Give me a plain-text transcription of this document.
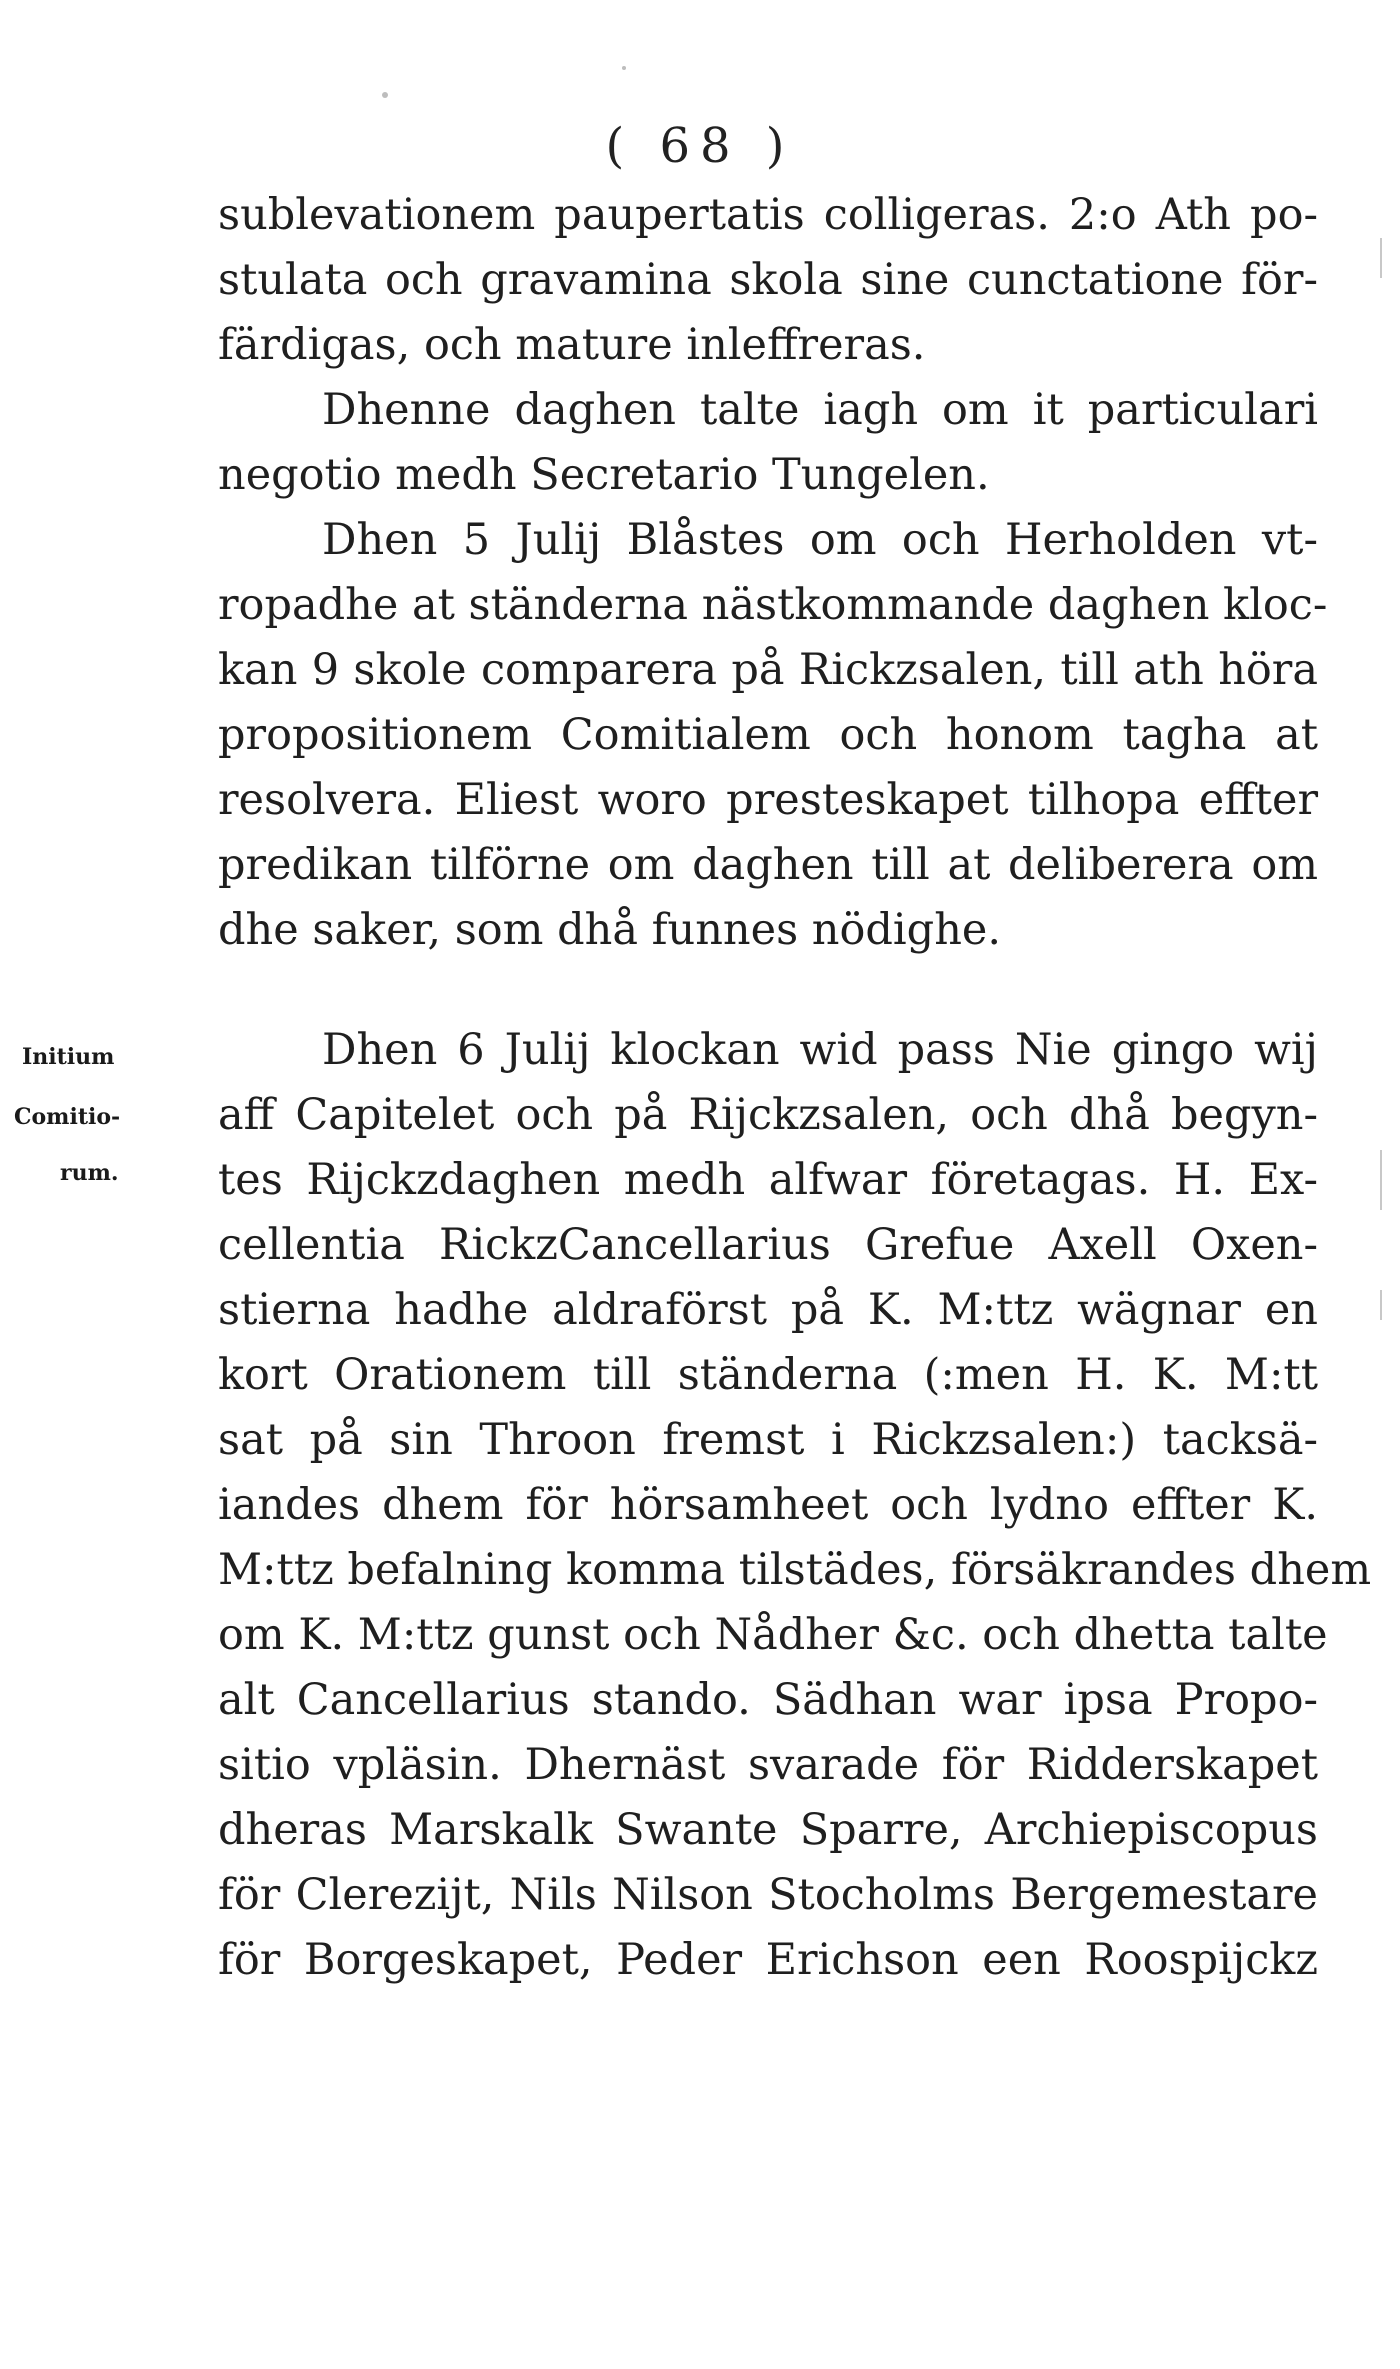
( 68 )
sublevationem paupertatis colligeras. 2:o Ath po-
stulata och gravamina skola sine cunctatione för-
färdigas, och mature inleffreras.
Dhenne daghen talte iagh om it particulari
negotio medh Secretario Tungelen.
Dhen 5 Julij Blåstes om och Herholden vt-
ropadhe at ständerna nästkommande daghen kloc-
kan 9 skole comparera på Rickzsalen, till ath höra
propositionem Comitialem och honom tagha at
resolvera. Eliest woro presteskapet tilhopa effter
predikan tilförne om daghen till at deliberera om
dhe saker, som dhå funnes nödighe.
Dhen 6 Julij klockan wid pass Nie gingo wij
aff Capitelet och på Rijckzsalen, och dhå begyn-
tes Rijckzdaghen medh alfwar företagas. H. Ex-
cellentia RickzCancellarius Grefue Axell Oxen-
stierna hadhe aldraförst på K. M:ttz wägnar en
kort Orationem till ständerna (:men H. K. M:tt
sat på sin Throon fremst i Rickzsalen:) tacksä-
iandes dhem för hörsamheet och lydno effter K.
M:ttz befalning komma tilstädes, försäkrandes dhem
om K. M:ttz gunst och Nådher &c. och dhetta talte
alt Cancellarius stando. Sädhan war ipsa Propo-
sitio vpläsin. Dhernäst svarade för Ridderskapet
dheras Marskalk Swante Sparre, Archiepiscopus
för Clerezijt, Nils Nilson Stocholms Bergemestare
för Borgeskapet, Peder Erichson een Roospijckz
Initium
Comitio-
rum.
